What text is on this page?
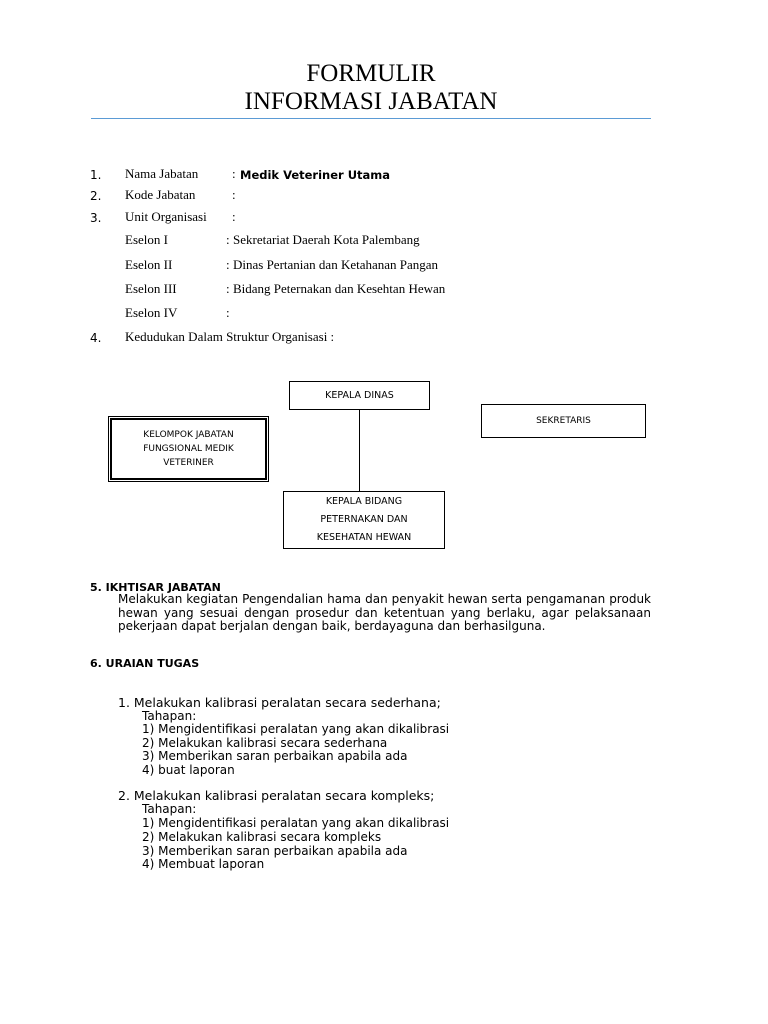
FORMULIR
INFORMASI JABATAN
1. Nama Jabatan	: Medik Veteriner Utama
2. Kode Jabatan	:
3. Unit Organisasi :
Eselon I	: Sekretariat Daerah Kota Palembang
Eselon II	: Dinas Pertanian dan Ketahanan Pangan
Eselon III	: Bidang Peternakan dan Kesehtan Hewan
Eselon IV	:
4. Kedudukan Dalam Struktur Organisasi :
KEPALA DINAS
SEKRETARIS
KELOMPOK JABATAN
FUNGSIONAL MEDIK
VETERINER
KEPALA BIDANG
PETERNAKAN DAN
KESEHATAN HEWAN
5. IKHTISAR JABATAN
Melakukan kegiatan Pengendalian hama dan penyakit hewan serta pengamanan produk hewan yang sesuai dengan prosedur dan ketentuan yang berlaku, agar pelaksanaan pekerjaan dapat berjalan dengan baik, berdayaguna dan berhasilguna.
6. URAIAN TUGAS
1. Melakukan kalibrasi peralatan secara sederhana;
Tahapan:
1) Mengidentifikasi peralatan yang akan dikalibrasi
2) Melakukan kalibrasi secara sederhana
3) Memberikan saran perbaikan apabila ada
4) buat laporan
2. Melakukan kalibrasi peralatan secara kompleks;
Tahapan:
1) Mengidentifikasi peralatan yang akan dikalibrasi
2) Melakukan kalibrasi secara kompleks
3) Memberikan saran perbaikan apabila ada
4) Membuat laporan
